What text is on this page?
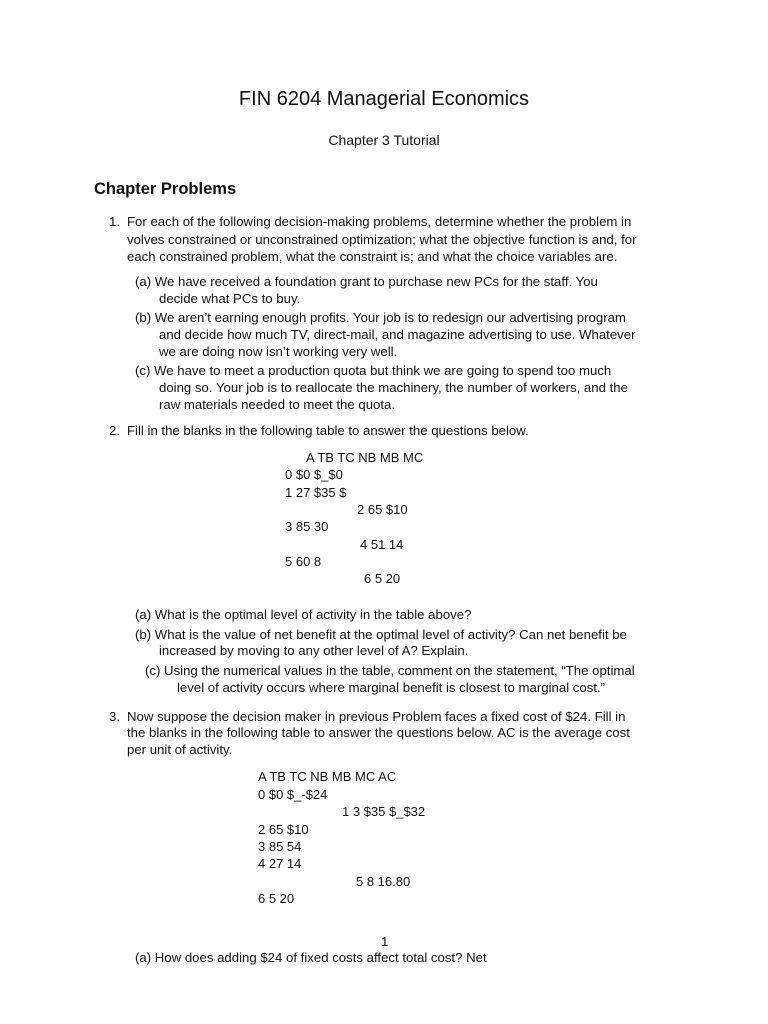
FIN 6204 Managerial Economics
Chapter 3 Tutorial
Chapter Problems
1. For each of the following decision-making problems, determine whether the problem in
volves constrained or unconstrained optimization; what the objective function is and, for
each constrained problem, what the constraint is; and what the choice variables are.
(a) We have received a foundation grant to purchase new PCs for the staff. You
decide what PCs to buy.
(b) We aren’t earning enough profits. Your job is to redesign our advertising program
and decide how much TV, direct-mail, and magazine advertising to use. Whatever
we are doing now isn’t working very well.
(c) We have to meet a production quota but think we are going to spend too much
doing so. Your job is to reallocate the machinery, the number of workers, and the
raw materials needed to meet the quota.
2. Fill in the blanks in the following table to answer the questions below.
A TB TC NB MB MC
0 $0 $_$0
1 27 $35 $
2 65 $10
3 85 30
4 51 14
5 60 8
6 5 20
(a) What is the optimal level of activity in the table above?
(b) What is the value of net benefit at the optimal level of activity? Can net benefit be
increased by moving to any other level of A? Explain.
(c) Using the numerical values in the table, comment on the statement, “The optimal
level of activity occurs where marginal benefit is closest to marginal cost.”
3. Now suppose the decision maker in previous Problem faces a fixed cost of $24. Fill in
the blanks in the following table to answer the questions below. AC is the average cost
per unit of activity.
A TB TC NB MB MC AC
0 $0 $_-$24
1 3 $35 $_$32
2 65 $10
3 85 54
4 27 14
5 8 16.80
6 5 20
1
(a) How does adding $24 of fixed costs affect total cost? Net
